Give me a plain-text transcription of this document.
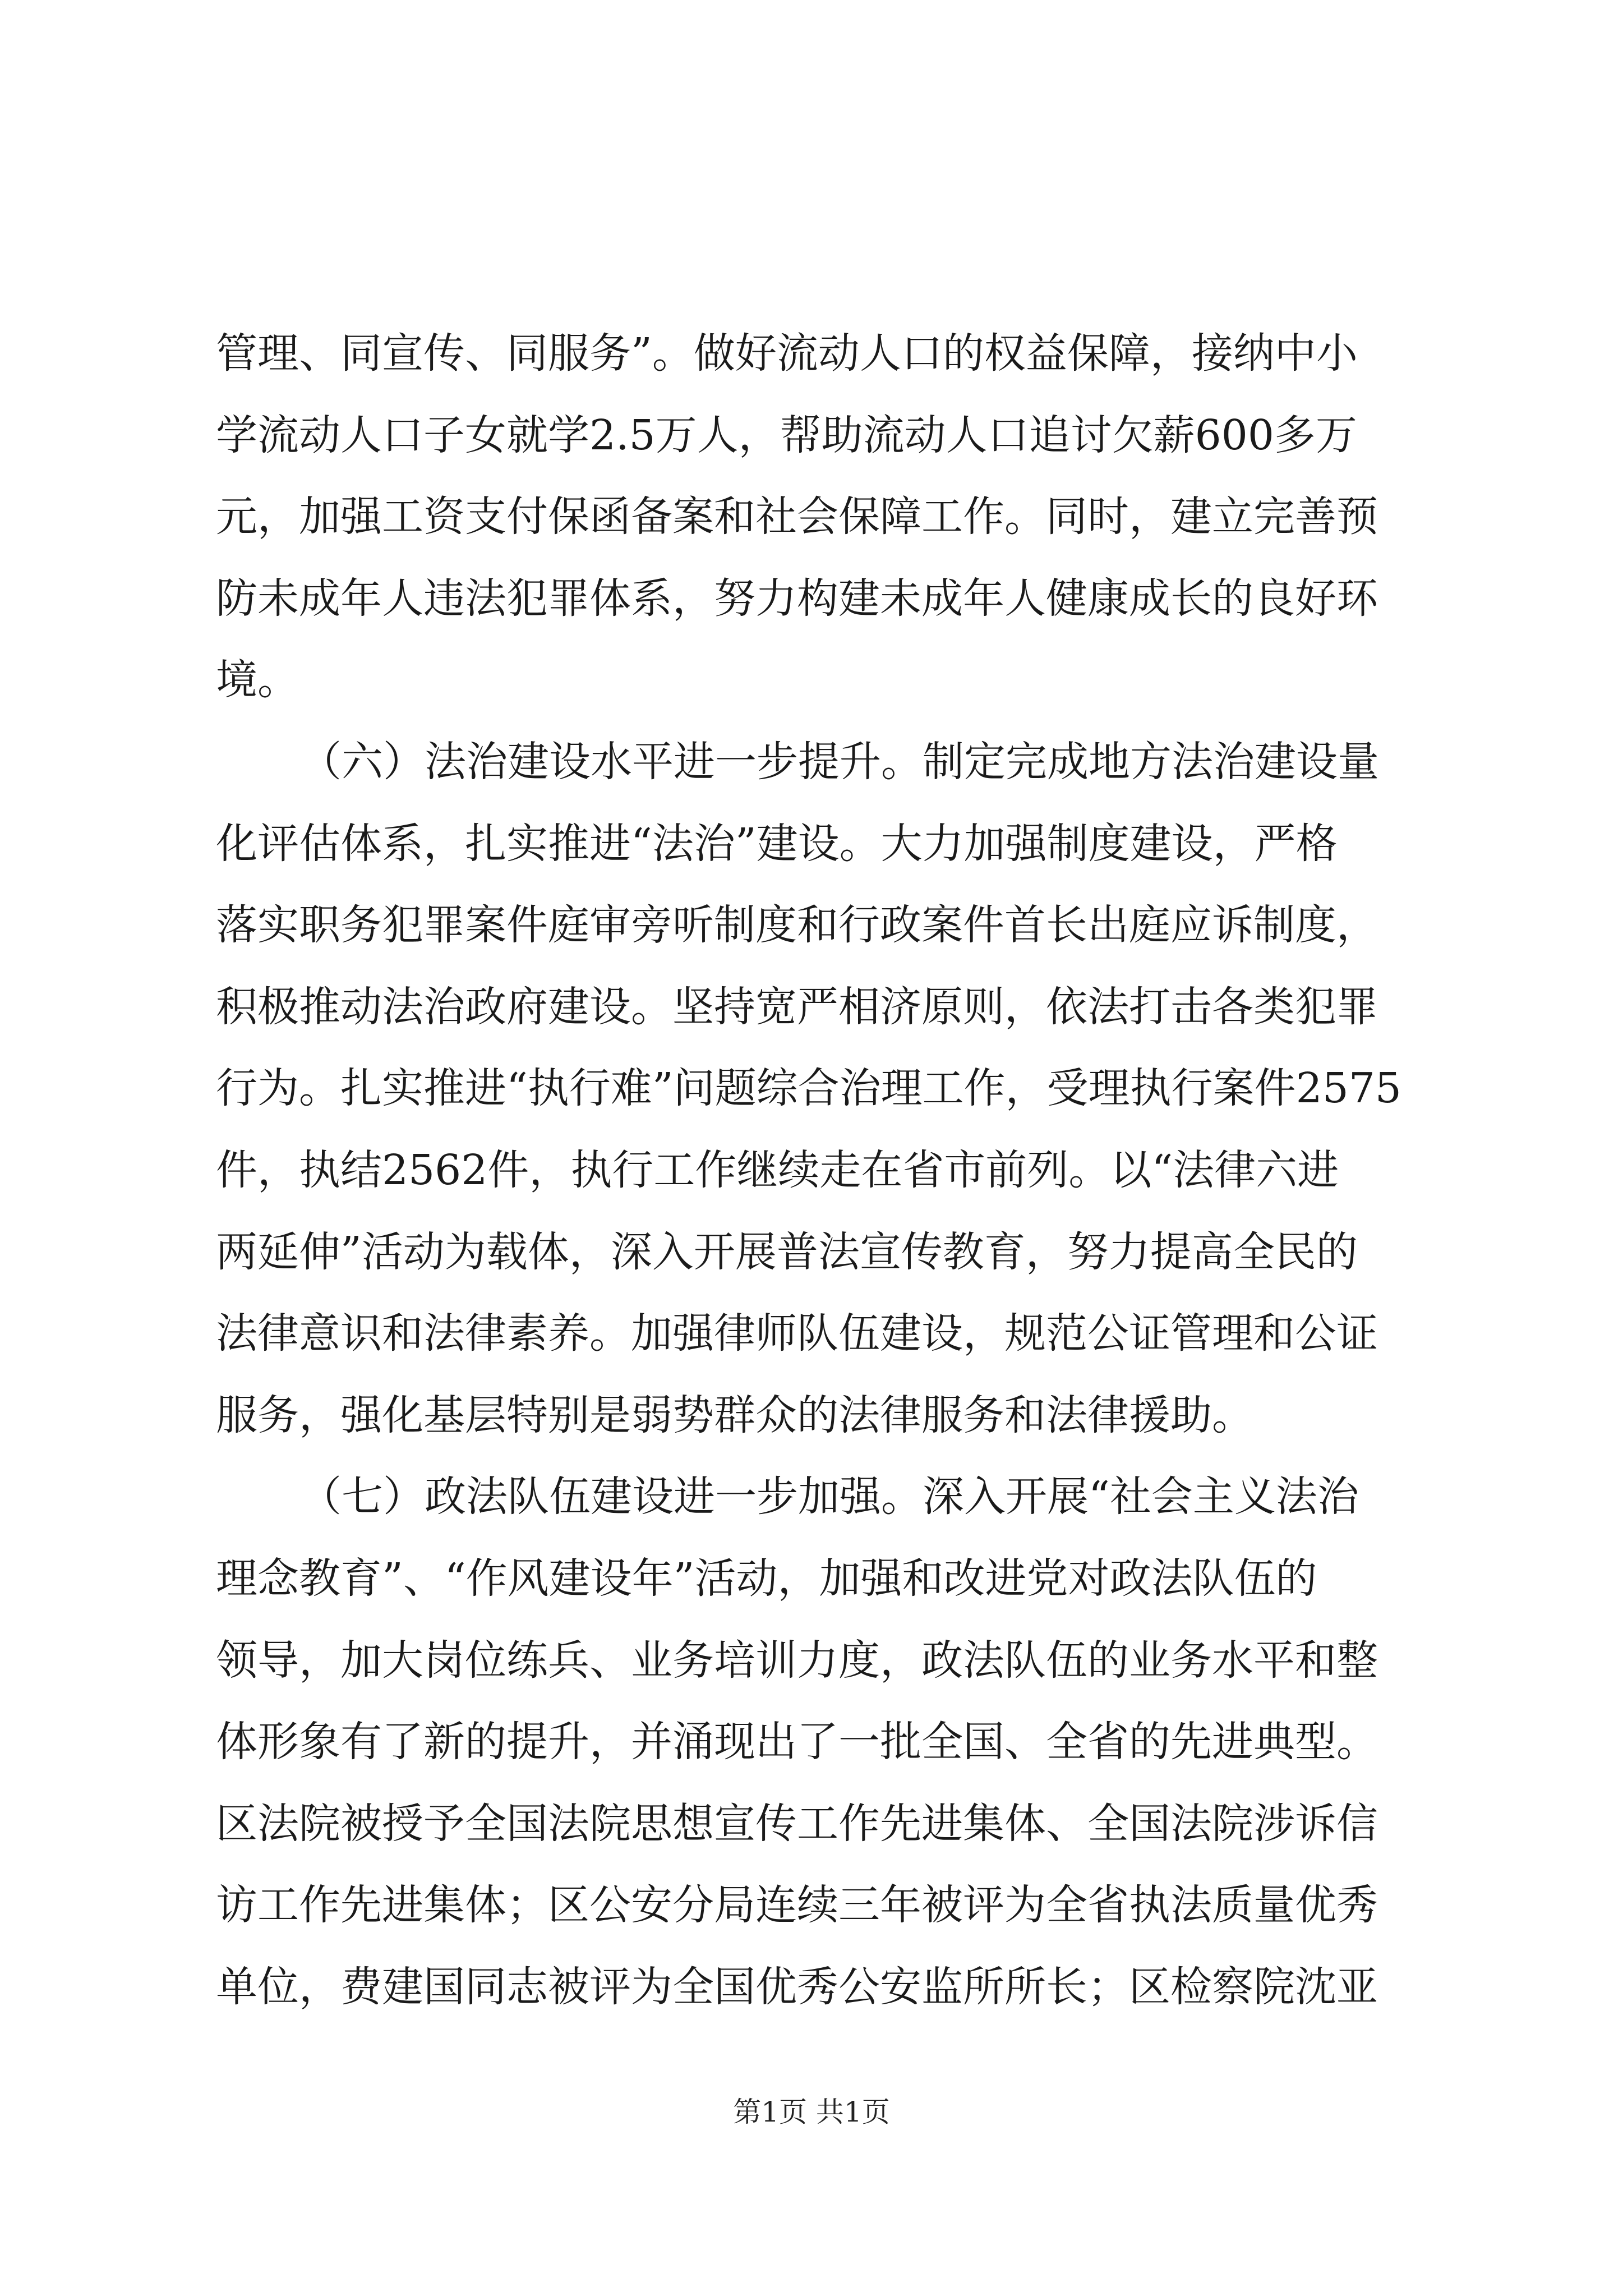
管理、同宣传、同服务”。做好流动人口的权益保障，接纳中小
学流动人口子女就学2.5万人，帮助流动人口追讨欠薪600多万
元，加强工资支付保函备案和社会保障工作。同时，建立完善预
防未成年人违法犯罪体系，努力构建未成年人健康成长的良好环
境。
（六）法治建设水平进一步提升。制定完成地方法治建设量
化评估体系，扎实推进“法治”建设。大力加强制度建设，严格
落实职务犯罪案件庭审旁听制度和行政案件首长出庭应诉制度，
积极推动法治政府建设。坚持宽严相济原则，依法打击各类犯罪
行为。扎实推进“执行难”问题综合治理工作，受理执行案件2575
件，执结2562件，执行工作继续走在省市前列。以“法律六进
两延伸”活动为载体，深入开展普法宣传教育，努力提高全民的
法律意识和法律素养。加强律师队伍建设，规范公证管理和公证
服务，强化基层特别是弱势群众的法律服务和法律援助。
（七）政法队伍建设进一步加强。深入开展“社会主义法治
理念教育”、“作风建设年”活动，加强和改进党对政法队伍的
领导，加大岗位练兵、业务培训力度，政法队伍的业务水平和整
体形象有了新的提升，并涌现出了一批全国、全省的先进典型。
区法院被授予全国法院思想宣传工作先进集体、全国法院涉诉信
访工作先进集体；区公安分局连续三年被评为全省执法质量优秀
单位，费建国同志被评为全国优秀公安监所所长；区检察院沈亚
第1页 共1页
